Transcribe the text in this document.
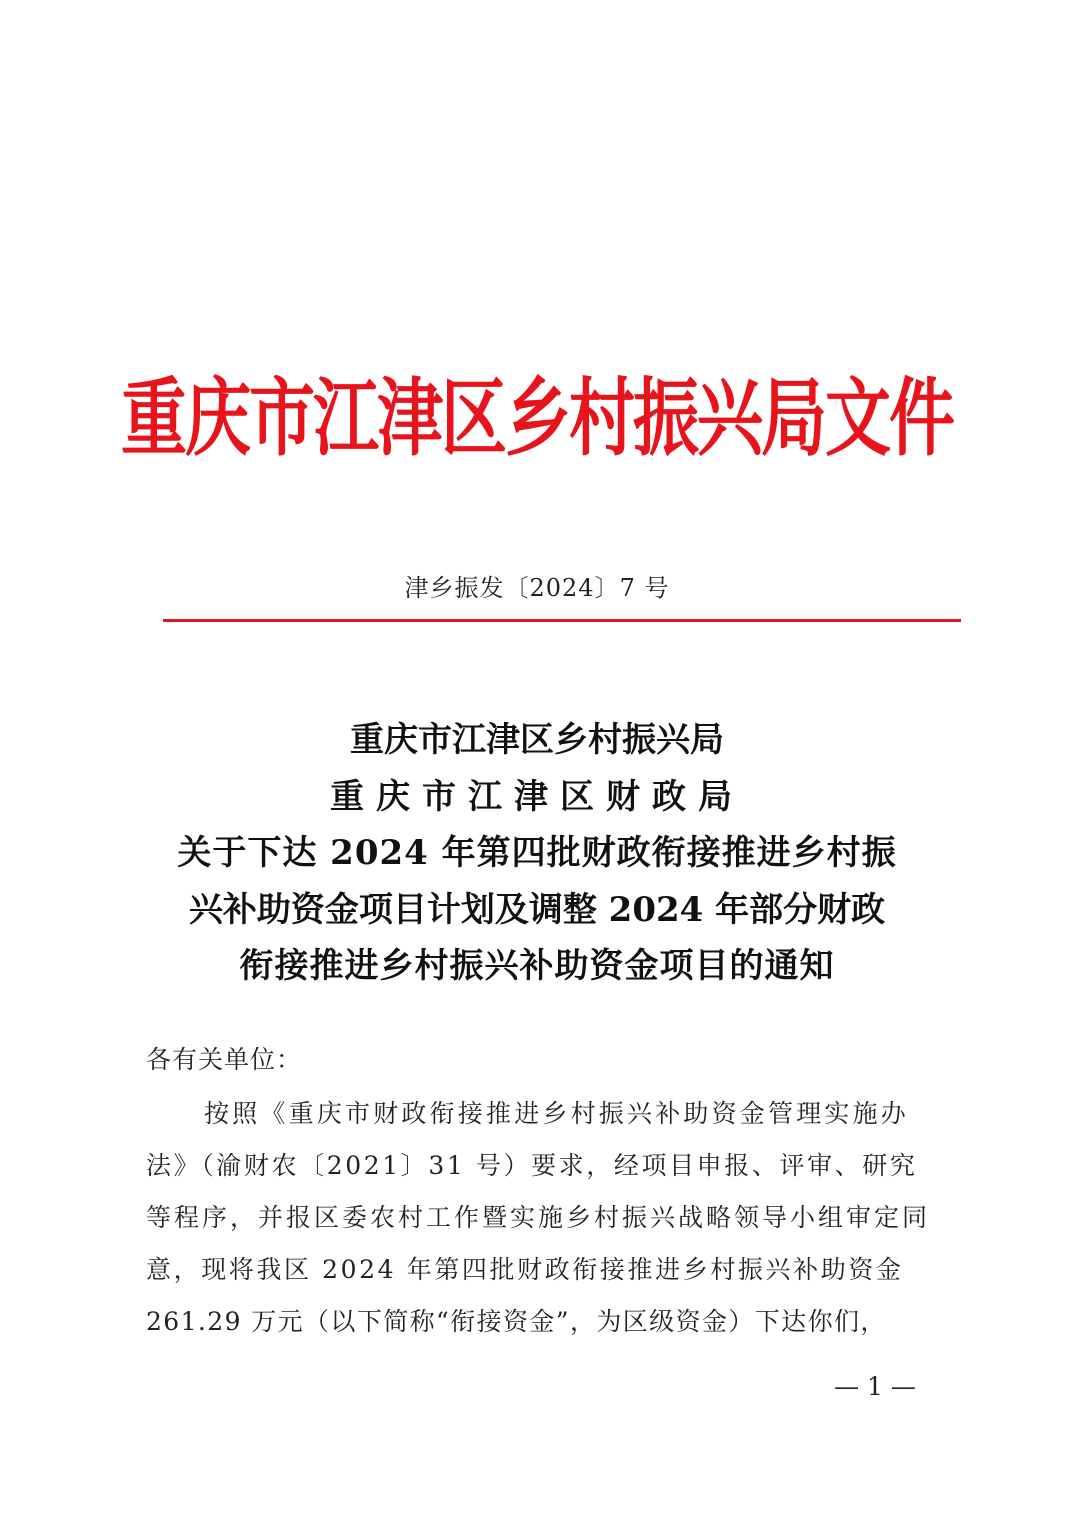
重庆市江津区乡村振兴局文件
津乡振发〔2024〕7 号
重庆市江津区乡村振兴局
重庆市江津区财政局
关于下达 2024 年第四批财政衔接推进乡村振
兴补助资金项目计划及调整 2024 年部分财政
衔接推进乡村振兴补助资金项目的通知
各有关单位：
按照《重庆市财政衔接推进乡村振兴补助资金管理实施办
法》（渝财农〔2021〕31 号）要求，经项目申报、评审、研究
等程序，并报区委农村工作暨实施乡村振兴战略领导小组审定同
意，现将我区 2024 年第四批财政衔接推进乡村振兴补助资金
261.29 万元（以下简称“衔接资金”，为区级资金）下达你们，
— 1 —
